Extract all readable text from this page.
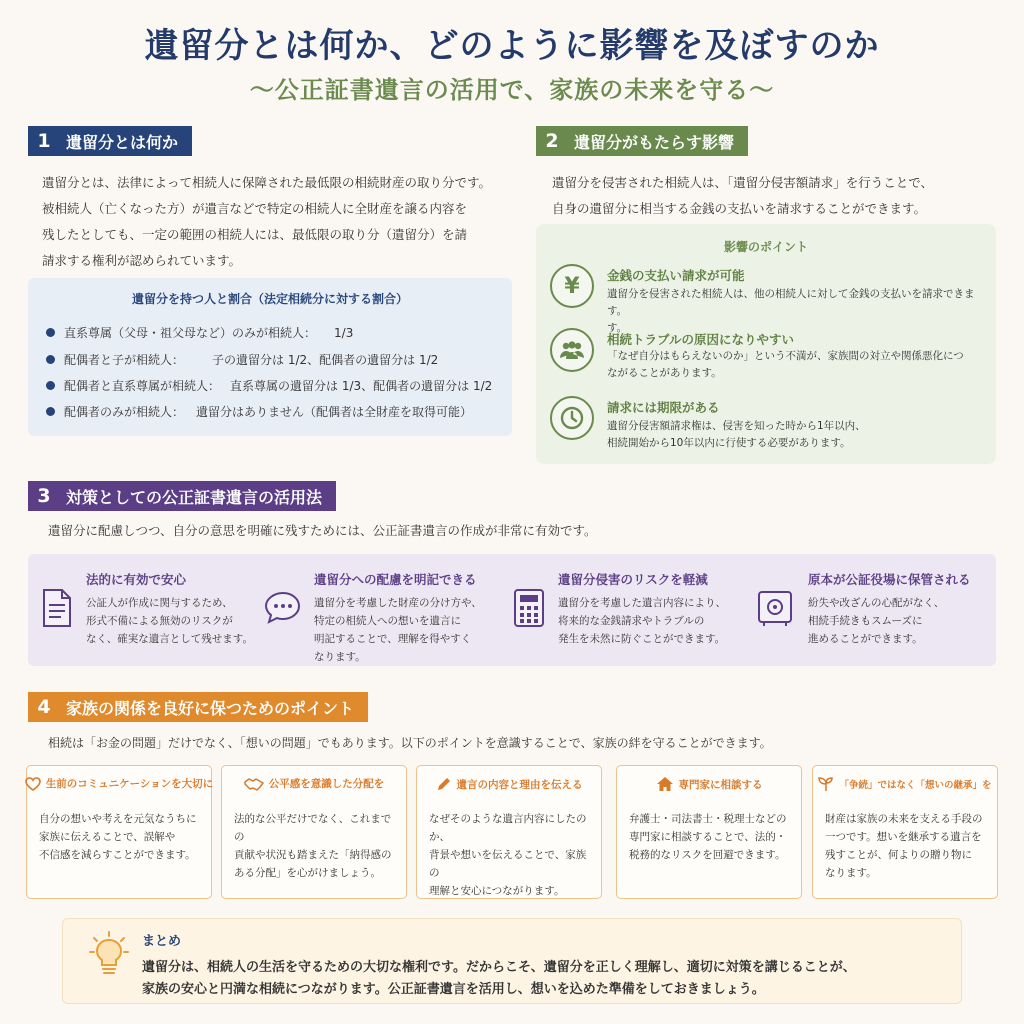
遺留分とは何か、どのように影響を及ぼすのか
〜公正証書遺言の活用で、家族の未来を守る〜
1 遺留分とは何か
遺留分とは、法律によって相続人に保障された最低限の相続財産の取り分です。
被相続人（亡くなった方）が遺言などで特定の相続人に全財産を譲る内容を
残したとしても、一定の範囲の相続人には、最低限の取り分（遺留分）を請
請求する権利が認められています。
遺留分を持つ人と割合（法定相続分に対する割合）
直系尊属（父母・祖父母など）のみが相続人： 1/3
配偶者と子が相続人：	子の遺留分は 1/2、配偶者の遺留分は 1/2
配偶者と直系尊属が相続人： 直系尊属の遺留分は 1/3、配偶者の遺留分は 1/2
配偶者のみが相続人： 遺留分はありません（配偶者は全財産を取得可能）
2 遺留分がもたらす影響
遺留分を侵害された相続人は、「遺留分侵害額請求」を行うことで、
自身の遺留分に相当する金銭の支払いを請求することができます。
影響のポイント
¥	金銭の支払い請求が可能
遺留分を侵害された相続人は、他の相続人に対して金銭の支払いを請求できます。
す。
相続トラブルの原因になりやすい
「なぜ自分はもらえないのか」という不満が、家族間の対立や関係悪化につ
ながることがあります。
請求には期限がある
遺留分侵害額請求権は、侵害を知った時から1年以内、
相続開始から10年以内に行使する必要があります。
3 対策としての公正証書遺言の活用法
遺留分に配慮しつつ、自分の意思を明確に残すためには、公正証書遺言の作成が非常に有効です。
法的に有効で安心
公証人が作成に関与するため、
形式不備による無効のリスクが
なく、確実な遺言として残せます。
遺留分への配慮を明記できる
遺留分を考慮した財産の分け方や、
特定の相続人への想いを遺言に
明記することで、理解を得やすく
なります。
遺留分侵害のリスクを軽減
遺留分を考慮した遺言内容により、
将来的な金銭請求やトラブルの
発生を未然に防ぐことができます。
原本が公証役場に保管される
紛失や改ざんの心配がなく、
相続手続きもスムーズに
進めることができます。
4 家族の関係を良好に保つためのポイント
相続は「お金の問題」だけでなく、「想いの問題」でもあります。以下のポイントを意識することで、家族の絆を守ることができます。
生前のコミュニケーションを大切に
自分の想いや考えを元気なうちに
家族に伝えることで、誤解や
不信感を減らすことができます。
公平感を意識した分配を
法的な公平だけでなく、これまでの
貢献や状況も踏まえた「納得感の
ある分配」を心がけましょう。
遺言の内容と理由を伝える
なぜそのような遺言内容にしたのか、
背景や想いを伝えることで、家族の
理解と安心につながります。
専門家に相談する
弁護士・司法書士・税理士などの
専門家に相談することで、法的・
税務的なリスクを回避できます。
「争続」ではなく「想いの継承」を
財産は家族の未来を支える手段の
一つです。想いを継承する遺言を
残すことが、何よりの贈り物に
なります。
まとめ
遺留分は、相続人の生活を守るための大切な権利です。だからこそ、遺留分を正しく理解し、適切に対策を講じることが、
家族の安心と円満な相続につながります。公正証書遺言を活用し、想いを込めた準備をしておきましょう。
